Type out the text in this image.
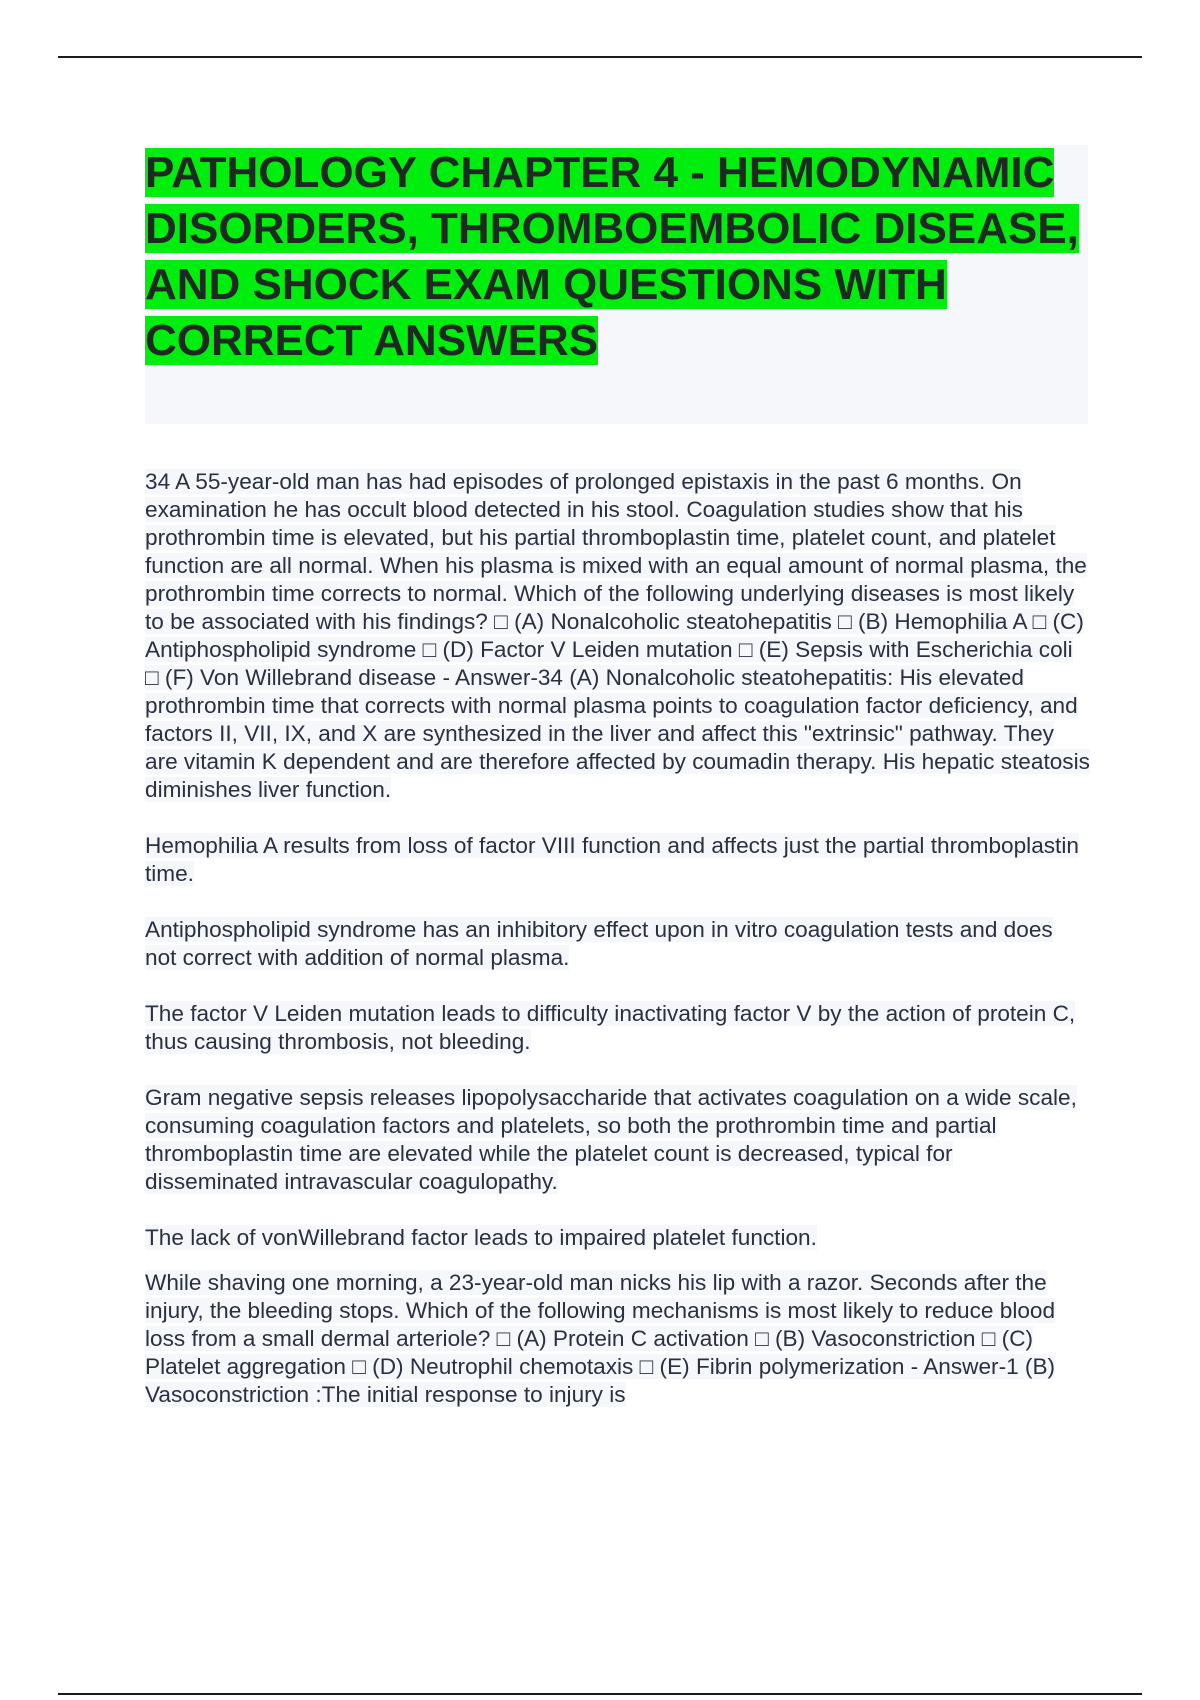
PATHOLOGY CHAPTER 4 - HEMODYNAMIC DISORDERS, THROMBOEMBOLIC DISEASE, AND SHOCK EXAM QUESTIONS WITH CORRECT ANSWERS

34 A 55-year-old man has had episodes of prolonged epistaxis in the past 6 months. On examination he has occult blood detected in his stool. Coagulation studies show that his prothrombin time is elevated, but his partial thromboplastin time, platelet count, and platelet function are all normal. When his plasma is mixed with an equal amount of normal plasma, the prothrombin time corrects to normal. Which of the following underlying diseases is most likely to be associated with his findings? □ (A) Nonalcoholic steatohepatitis □ (B) Hemophilia A □ (C) Antiphospholipid syndrome □ (D) Factor V Leiden mutation □ (E) Sepsis with Escherichia coli □ (F) Von Willebrand disease - Answer-34 (A) Nonalcoholic steatohepatitis: His elevated prothrombin time that corrects with normal plasma points to coagulation factor deficiency, and factors II, VII, IX, and X are synthesized in the liver and affect this "extrinsic" pathway. They are vitamin K dependent and are therefore affected by coumadin therapy. His hepatic steatosis diminishes liver function.

Hemophilia A results from loss of factor VIII function and affects just the partial thromboplastin time.

Antiphospholipid syndrome has an inhibitory effect upon in vitro coagulation tests and does not correct with addition of normal plasma.

The factor V Leiden mutation leads to difficulty inactivating factor V by the action of protein C, thus causing thrombosis, not bleeding.

Gram negative sepsis releases lipopolysaccharide that activates coagulation on a wide scale, consuming coagulation factors and platelets, so both the prothrombin time and partial thromboplastin time are elevated while the platelet count is decreased, typical for disseminated intravascular coagulopathy.

The lack of vonWillebrand factor leads to impaired platelet function.

While shaving one morning, a 23-year-old man nicks his lip with a razor. Seconds after the injury, the bleeding stops. Which of the following mechanisms is most likely to reduce blood loss from a small dermal arteriole? □ (A) Protein C activation □ (B) Vasoconstriction □ (C) Platelet aggregation □ (D) Neutrophil chemotaxis □ (E) Fibrin polymerization - Answer-1 (B) Vasoconstriction :The initial response to injury is
